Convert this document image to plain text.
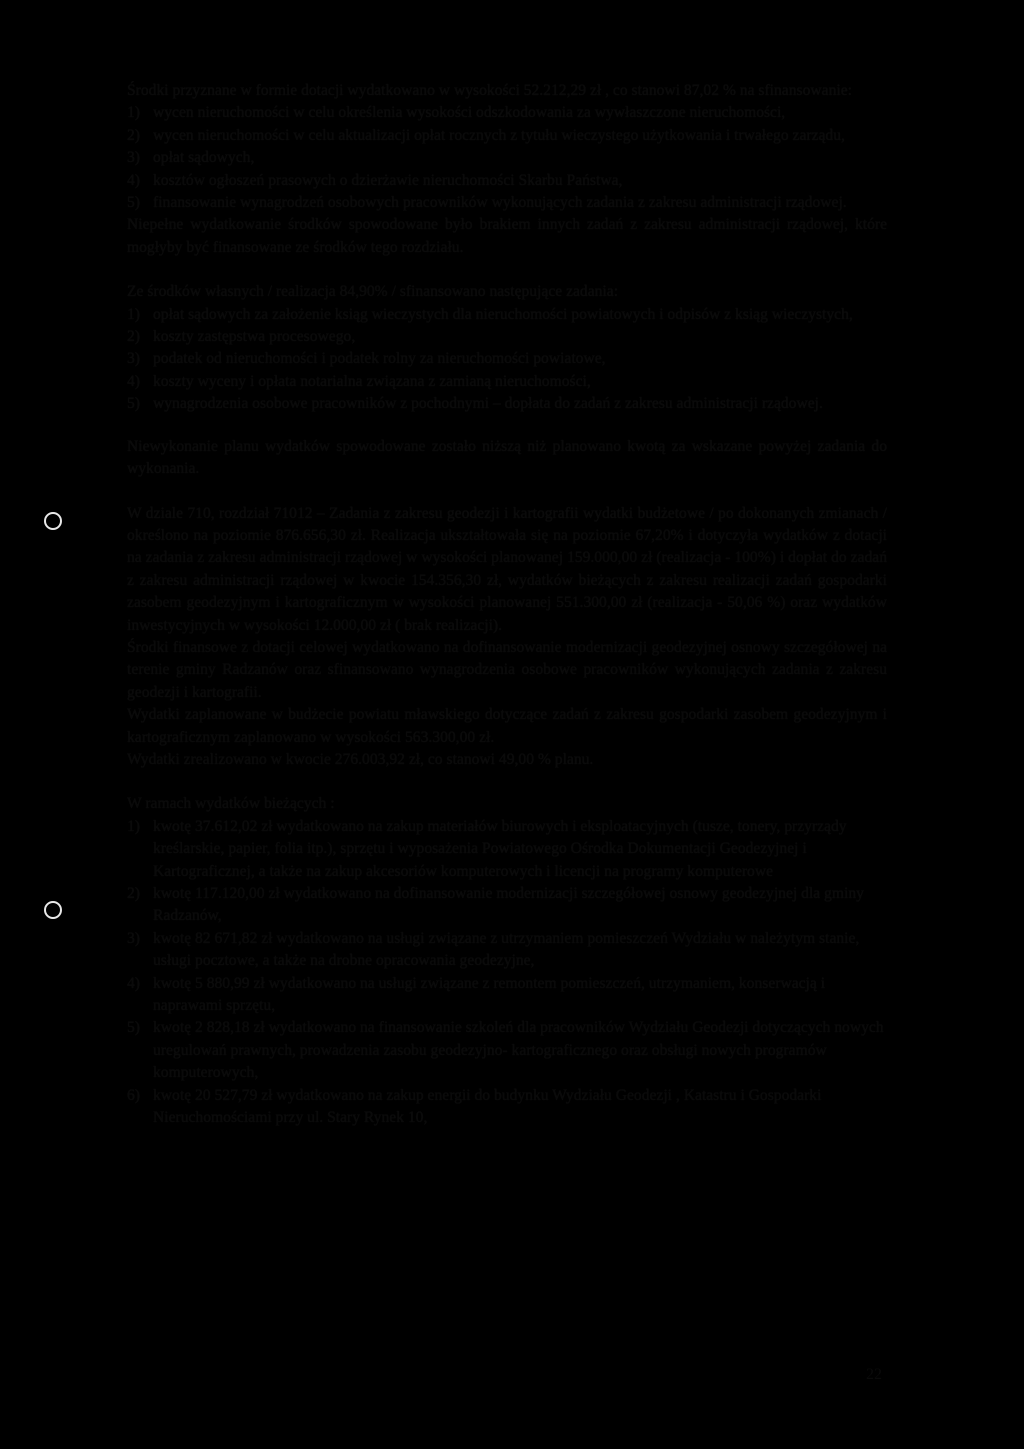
Środki przyznane w formie dotacji wydatkowano w wysokości 52.212,29 zł , co stanowi 87,02 % na sfinansowanie:

1) wycen nieruchomości w celu określenia wysokości odszkodowania za wywłaszczone nieruchomości,
2) wycen nieruchomości w celu aktualizacji opłat rocznych z tytułu wieczystego użytkowania i trwałego zarządu,
3) opłat sądowych,
4) kosztów ogłoszeń prasowych o dzierżawie nieruchomości Skarbu Państwa,
5) finansowanie wynagrodzeń osobowych pracowników wykonujących zadania z zakresu administracji rządowej.

Niepełne wydatkowanie środków spowodowane było brakiem innych zadań z zakresu administracji rządowej, które mogłyby być finansowane ze środków tego rozdziału.

Ze środków własnych / realizacja 84,90% / sfinansowano następujące zadania:

1) opłat sądowych za założenie ksiąg wieczystych dla nieruchomości powiatowych i odpisów z ksiąg wieczystych,
2) koszty zastępstwa procesowego,
3) podatek od nieruchomości i podatek rolny za nieruchomości powiatowe,
4) koszty wyceny i opłata notarialna związana z zamianą nieruchomości,
5) wynagrodzenia osobowe pracowników z pochodnymi – dopłata do zadań z zakresu administracji rządowej.

Niewykonanie planu wydatków spowodowane zostało niższą niż planowano kwotą za wskazane powyżej zadania do wykonania.

W dziale 710, rozdział 71012 – Zadania z zakresu geodezji i kartografii wydatki budżetowe / po dokonanych zmianach / określono na poziomie 876.656,30 zł. Realizacja ukształtowała się na poziomie 67,20% i dotyczyła wydatków z dotacji na zadania z zakresu administracji rządowej w wysokości planowanej 159.000,00 zł (realizacja - 100%) i dopłat do zadań z zakresu administracji rządowej w kwocie 154.356,30 zł, wydatków bieżących z zakresu realizacji zadań gospodarki zasobem geodezyjnym i kartograficznym w wysokości planowanej 551.300,00 zł (realizacja - 50,06 %) oraz wydatków inwestycyjnych w wysokości 12.000,00 zł ( brak realizacji).

Środki finansowe z dotacji celowej wydatkowano na dofinansowanie modernizacji geodezyjnej osnowy szczegółowej na terenie gminy Radzanów oraz sfinansowano wynagrodzenia osobowe pracowników wykonujących zadania z zakresu geodezji i kartografii.

Wydatki zaplanowane w budżecie powiatu mławskiego dotyczące zadań z zakresu gospodarki zasobem geodezyjnym i kartograficznym zaplanowano w wysokości 563.300,00 zł.

Wydatki zrealizowano w kwocie 276.003,92 zł, co stanowi 49,00 % planu.

W ramach wydatków bieżących :

1) kwotę 37.612,02 zł wydatkowano na zakup materiałów biurowych i eksploatacyjnych (tusze, tonery, przyrządy kreślarskie, papier, folia itp.), sprzętu i wyposażenia Powiatowego Ośrodka Dokumentacji Geodezyjnej i Kartograficznej, a także na zakup akcesoriów komputerowych i licencji na programy komputerowe
2) kwotę 117.120,00 zł wydatkowano na dofinansowanie modernizacji szczegółowej osnowy geodezyjnej dla gminy Radzanów,
3) kwotę 82 671,82 zł wydatkowano na usługi związane z utrzymaniem pomieszczeń Wydziału w należytym stanie, usługi pocztowe, a także na drobne opracowania geodezyjne,
4) kwotę 5 880,99 zł wydatkowano na usługi związane z remontem pomieszczeń, utrzymaniem, konserwacją i naprawami sprzętu,
5) kwotę 2 828,18 zł wydatkowano na finansowanie szkoleń dla pracowników Wydziału Geodezji dotyczących nowych uregulowań prawnych, prowadzenia zasobu geodezyjno- kartograficznego oraz obsługi nowych programów komputerowych,
6) kwotę 20 527,79 zł wydatkowano na zakup energii do budynku Wydziału Geodezji , Katastru i Gospodarki Nieruchomościami przy ul. Stary Rynek 10,
22
